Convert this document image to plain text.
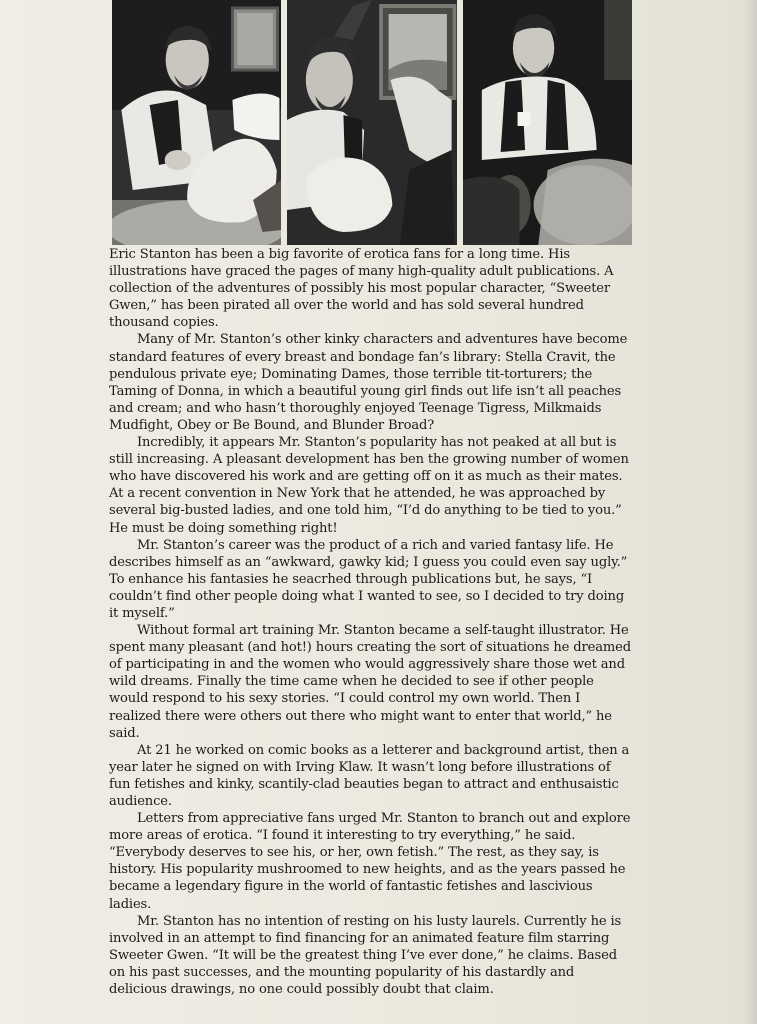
Eric Stanton has been a big favorite of erotica fans for a long time. His illustrations have graced the pages of many high-quality adult publications. A collection of the adventures of possibly his most popular character, “Sweeter Gwen,” has been pirated all over the world and has sold several hundred thousand copies.

Many of Mr. Stanton’s other kinky characters and adventures have become standard features of every breast and bondage fan’s library: Stella Cravit, the pendulous private eye; Dominating Dames, those terrible tit-torturers; the Taming of Donna, in which a beautiful young girl finds out life isn’t all peaches and cream; and who hasn’t thoroughly enjoyed Teenage Tigress, Milkmaids Mudfight, Obey or Be Bound, and Blunder Broad?

Incredibly, it appears Mr. Stanton’s popularity has not peaked at all but is still increasing. A pleasant development has ben the growing number of women who have discovered his work and are getting off on it as much as their mates. At a recent convention in New York that he attended, he was approached by several big-busted ladies, and one told him, “I’d do anything to be tied to you.” He must be doing something right!

Mr. Stanton’s career was the product of a rich and varied fantasy life. He describes himself as an “awkward, gawky kid; I guess you could even say ugly.” To enhance his fantasies he seacrhed through publications but, he says, “I couldn’t find other people doing what I wanted to see, so I decided to try doing it myself.”

Without formal art training Mr. Stanton became a self-taught illustrator. He spent many pleasant (and hot!) hours creating the sort of situations he dreamed of participating in and the women who would aggressively share those wet and wild dreams. Finally the time came when he decided to see if other people would respond to his sexy stories. “I could control my own world. Then I realized there were others out there who might want to enter that world,” he said.

At 21 he worked on comic books as a letterer and background artist, then a year later he signed on with Irving Klaw. It wasn’t long before illustrations of fun fetishes and kinky, scantily-clad beauties began to attract and enthusaistic audience.

Letters from appreciative fans urged Mr. Stanton to branch out and explore more areas of erotica. “I found it interesting to try everything,” he said. “Everybody deserves to see his, or her, own fetish.” The rest, as they say, is history. His popularity mushroomed to new heights, and as the years passed he became a legendary figure in the world of fantastic fetishes and lascivious ladies.

Mr. Stanton has no intention of resting on his lusty laurels. Currently he is involved in an attempt to find financing for an animated feature film starring Sweeter Gwen. “It will be the greatest thing I’ve ever done,” he claims. Based on his past successes, and the mounting popularity of his dastardly and delicious drawings, no one could possibly doubt that claim.
